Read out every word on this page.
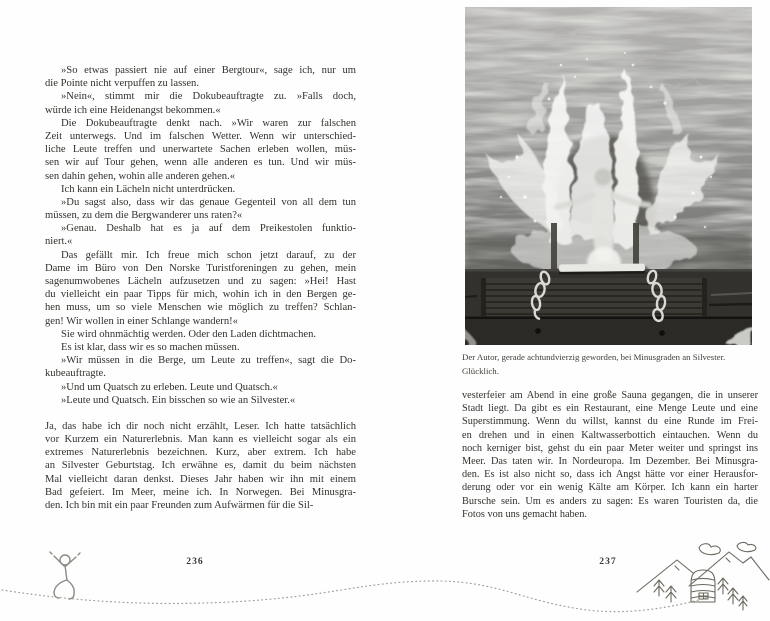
»So etwas passiert nie auf einer Bergtour«, sage ich, nur um
die Pointe nicht verpuffen zu lassen.
»Nein«, stimmt mir die Dokubeauftragte zu. »Falls doch,
würde ich eine Heidenangst bekommen.«
Die Dokubeauftragte denkt nach. »Wir waren zur falschen
Zeit unterwegs. Und im falschen Wetter. Wenn wir unterschied-
liche Leute treffen und unerwartete Sachen erleben wollen, müs-
sen wir auf Tour gehen, wenn alle anderen es tun. Und wir müs-
sen dahin gehen, wohin alle anderen gehen.«
Ich kann ein Lächeln nicht unterdrücken.
»Du sagst also, dass wir das genaue Gegenteil von all dem tun
müssen, zu dem die Bergwanderer uns raten?«
»Genau. Deshalb hat es ja auf dem Preikestolen funktio-
niert.«
Das gefällt mir. Ich freue mich schon jetzt darauf, zu der
Dame im Büro von Den Norske Turistforeningen zu gehen, mein
sagenumwobenes Lächeln aufzusetzen und zu sagen: »Hei! Hast
du vielleicht ein paar Tipps für mich, wohin ich in den Bergen ge-
hen muss, um so viele Menschen wie möglich zu treffen? Schlan-
gen! Wir wollen in einer Schlange wandern!«
Sie wird ohnmächtig werden. Oder den Laden dichtmachen.
Es ist klar, dass wir es so machen müssen.
»Wir müssen in die Berge, um Leute zu treffen«, sagt die Do-
kubeauftragte.
»Und um Quatsch zu erleben. Leute und Quatsch.«
»Leute und Quatsch. Ein bisschen so wie an Silvester.«
Ja, das habe ich dir noch nicht erzählt, Leser. Ich hatte tatsächlich
vor Kurzem ein Naturerlebnis. Man kann es vielleicht sogar als ein
extremes Naturerlebnis bezeichnen. Kurz, aber extrem. Ich habe
an Silvester Geburtstag. Ich erwähne es, damit du beim nächsten
Mal vielleicht daran denkst. Dieses Jahr haben wir ihn mit einem
Bad gefeiert. Im Meer, meine ich. In Norwegen. Bei Minusgra-
den. Ich bin mit ein paar Freunden zum Aufwärmen für die Sil-
236
Der Autor, gerade achtundvierzig geworden, bei Minusgraden an Silvester.
Glücklich.
vesterfeier am Abend in eine große Sauna gegangen, die in unserer
Stadt liegt. Da gibt es ein Restaurant, eine Menge Leute und eine
Superstimmung. Wenn du willst, kannst du eine Runde im Frei-
en drehen und in einen Kaltwasserbottich eintauchen. Wenn du
noch kerniger bist, gehst du ein paar Meter weiter und springst ins
Meer. Das taten wir. In Nordeuropa. Im Dezember. Bei Minusgra-
den. Es ist also nicht so, dass ich Angst hätte vor einer Herausfor-
derung oder vor ein wenig Kälte am Körper. Ich kann ein harter
Bursche sein. Um es anders zu sagen: Es waren Touristen da, die
Fotos von uns gemacht haben.
237
